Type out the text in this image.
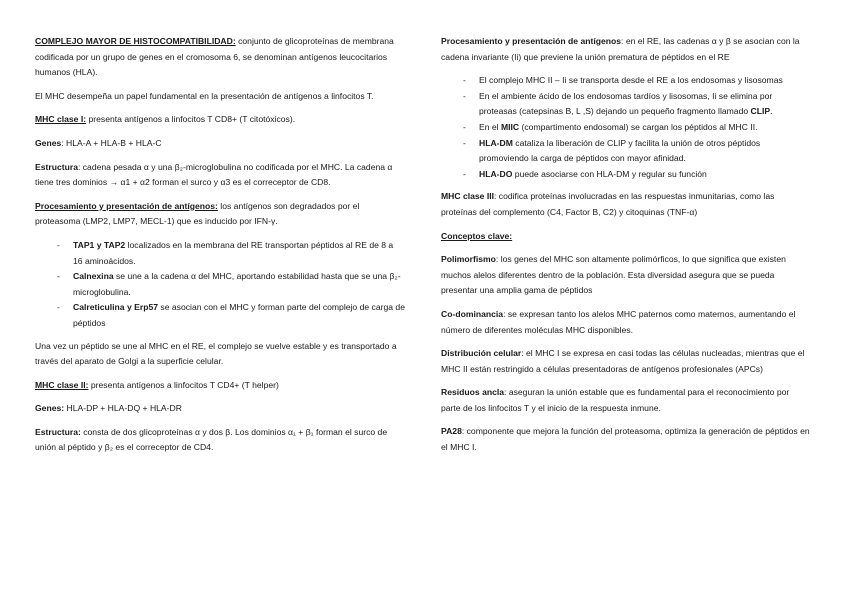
COMPLEJO MAYOR DE HISTOCOMPATIBILIDAD: conjunto de glicoproteínas de membrana codificada por un grupo de genes en el cromosoma 6, se denominan antígenos leucocitarios humanos (HLA).

El MHC desempeña un papel fundamental en la presentación de antígenos a linfocitos T.

MHC clase I: presenta antígenos a linfocitos T CD8+ (T citotóxicos).

Genes: HLA-A + HLA-B + HLA-C

Estructura: cadena pesada α y una β₂-microglobulina no codificada por el MHC. La cadena α tiene tres dominios → α1 + α2 forman el surco y α3 es el correceptor de CD8.

Procesamiento y presentación de antígenos: los antígenos son degradados por el proteasoma (LMP2, LMP7, MECL-1) que es inducido por IFN-γ.

- TAP1 y TAP2 localizados en la membrana del RE transportan péptidos al RE de 8 a 16 aminoácidos.
- Calnexina se une a la cadena α del MHC, aportando estabilidad hasta que se una β₂-microglobulina.
- Calreticulina y Erp57 se asocian con el MHC y forman parte del complejo de carga de péptidos

Una vez un péptido se une al MHC en el RE, el complejo se vuelve estable y es transportado a través del aparato de Golgi a la superficie celular.

MHC clase II: presenta antígenos a linfocitos T CD4+ (T helper)

Genes: HLA-DP + HLA-DQ + HLA-DR

Estructura: consta de dos glicoproteínas α y dos β. Los dominios α₁ + β₁ forman el surco de unión al péptido y β₂ es el correceptor de CD4.

Procesamiento y presentación de antígenos: en el RE, las cadenas α y β se asocian con la cadena invariante (Ii) que previene la unión prematura de péptidos en el RE

- El complejo MHC II – Ii se transporta desde el RE a los endosomas y lisosomas
- En el ambiente ácido de los endosomas tardíos y lisosomas, Ii se elimina por proteasas (catepsinas B, L ,S) dejando un pequeño fragmento llamado CLIP.
- En el MIIC (compartimento endosomal) se cargan los péptidos al MHC II.
- HLA-DM cataliza la liberación de CLIP y facilita la unión de otros péptidos promoviendo la carga de péptidos con mayor afinidad.
- HLA-DO puede asociarse con HLA-DM y regular su función

MHC clase III: codifica proteínas involucradas en las respuestas inmunitarias, como las proteínas del complemento (C4, Factor B, C2) y citoquinas (TNF-α)

Conceptos clave:

Polimorfismo: los genes del MHC son altamente polimórficos, lo que significa que existen muchos alelos diferentes dentro de la población. Esta diversidad asegura que se pueda presentar una amplia gama de péptidos

Co-dominancia: se expresan tanto los alelos MHC paternos como maternos, aumentando el número de diferentes moléculas MHC disponibles.

Distribución celular: el MHC I se expresa en casi todas las células nucleadas, mientras que el MHC II están restringido a células presentadoras de antígenos profesionales (APCs)

Residuos ancla: aseguran la unión estable que es fundamental para el reconocimiento por parte de los linfocitos T y el inicio de la respuesta inmune.

PA28: componente que mejora la función del proteasoma, optimiza la generación de péptidos en el MHC I.
